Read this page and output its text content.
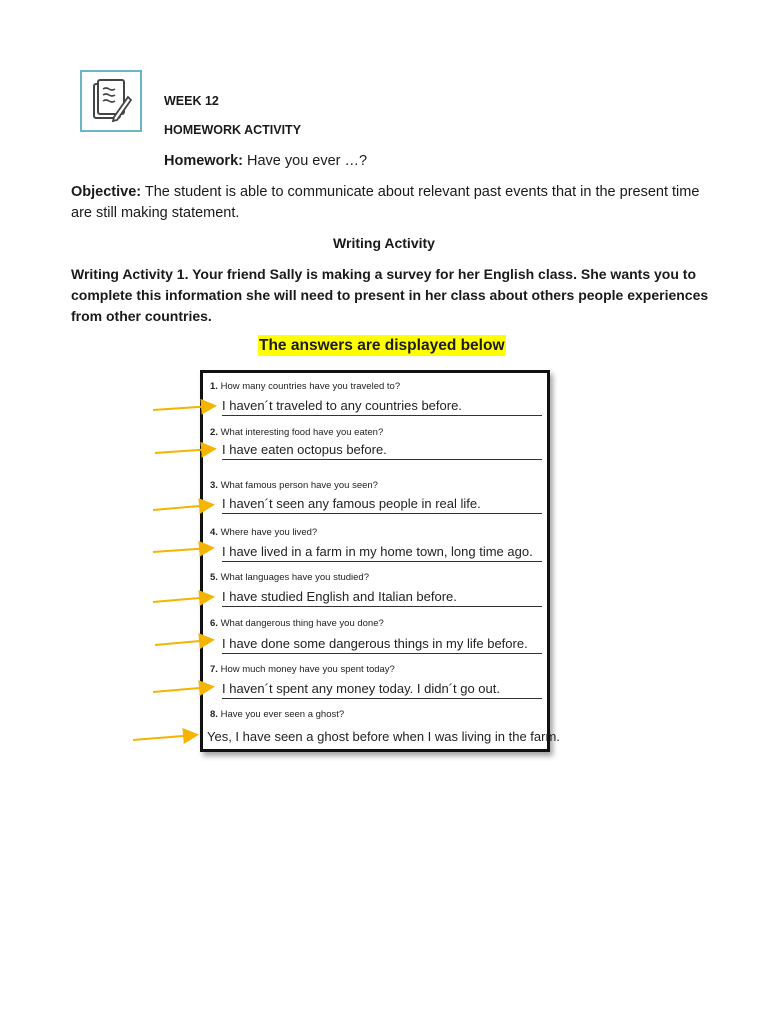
WEEK 12
HOMEWORK ACTIVITY
Homework: Have you ever …?
Objective: The student is able to communicate about relevant past events that in the present time are still making statement.
Writing Activity
Writing Activity 1. Your friend Sally is making a survey for her English class. She wants you to complete this information she will need to present in her class about others people experiences from other countries.
The answers are displayed below
1. How many countries have you traveled to?
I haven´t traveled to any countries before.
2. What interesting food have you eaten?
I have eaten octopus before.
3. What famous person have you seen?
I haven´t seen any famous people in real life.
4. Where have you lived?
I have lived in a farm in my home town, long time ago.
5. What languages have you studied?
I have studied English and Italian before.
6. What dangerous thing have you done?
I have done some dangerous things in my life before.
7. How much money have you spent today?
I haven´t spent any money today. I didn´t go out.
8. Have you ever seen a ghost?
Yes, I have seen a ghost before when I was living in the farm.
